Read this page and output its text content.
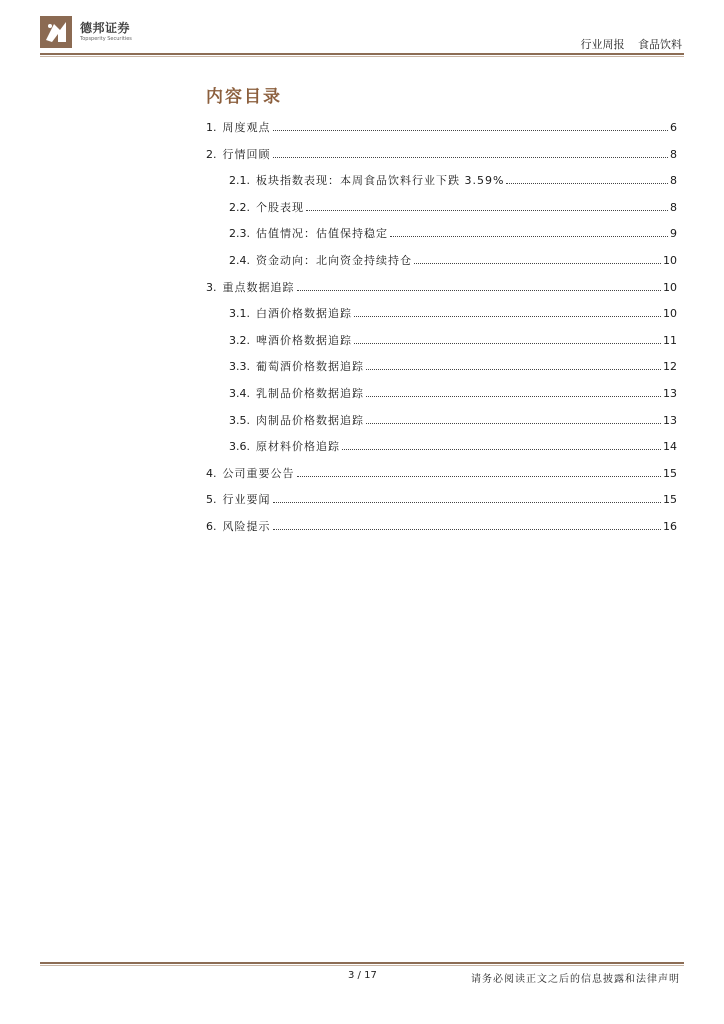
德邦证券
Topsperity Securities	行业周报 食品饮料
内容目录
1. 周度观点	6
2. 行情回顾	8
2.1. 板块指数表现：本周食品饮料行业下跌 3.59%	8
2.2. 个股表现	8
2.3. 估值情况：估值保持稳定	9
2.4. 资金动向：北向资金持续持仓	10
3. 重点数据追踪	10
3.1. 白酒价格数据追踪	10
3.2. 啤酒价格数据追踪	11
3.3. 葡萄酒价格数据追踪	12
3.4. 乳制品价格数据追踪	13
3.5. 肉制品价格数据追踪	13
3.6. 原材料价格追踪	14
4. 公司重要公告	15
5. 行业要闻	15
6. 风险提示	16
3 / 17	请务必阅读正文之后的信息披露和法律声明
